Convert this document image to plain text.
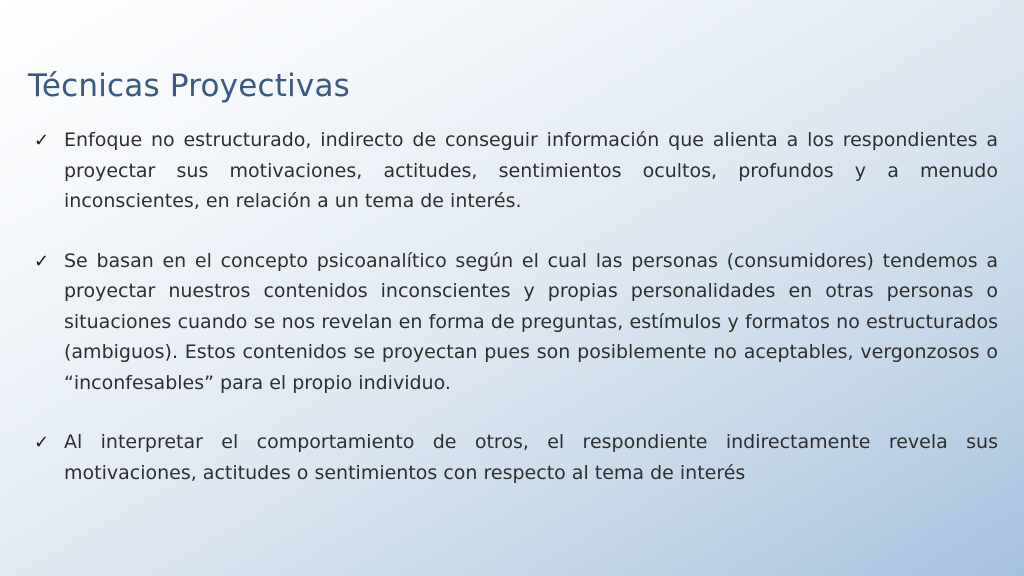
Técnicas Proyectivas
✓ Enfoque no estructurado, indirecto de conseguir información que alienta a los respondientes a proyectar sus motivaciones, actitudes, sentimientos ocultos, profundos y a menudo inconscientes, en relación a un tema de interés.
✓ Se basan en el concepto psicoanalítico según el cual las personas (consumidores) tendemos a proyectar nuestros contenidos inconscientes y propias personalidades en otras personas o situaciones cuando se nos revelan en forma de preguntas, estímulos y formatos no estructurados (ambiguos). Estos contenidos se proyectan pues son posiblemente no aceptables, vergonzosos o “inconfesables” para el propio individuo.
✓ Al interpretar el comportamiento de otros, el respondiente indirectamente revela sus motivaciones, actitudes o sentimientos con respecto al tema de interés
